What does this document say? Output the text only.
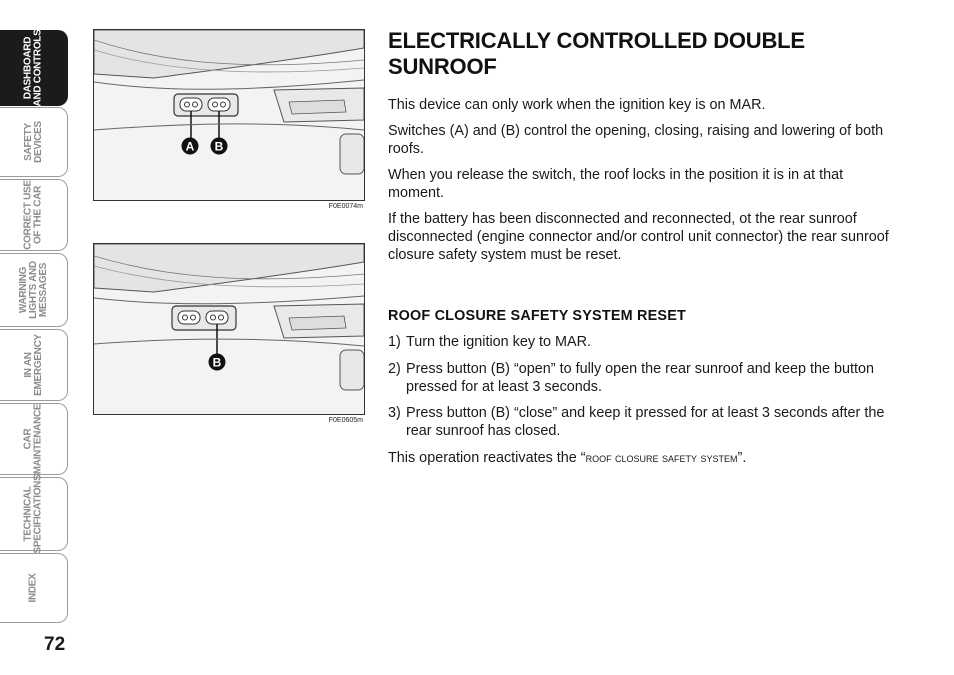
DASHBOARD
AND CONTROLS
SAFETY
DEVICES
CORRECT USE
OF THE CAR
WARNING
LIGHTS AND
MESSAGES
IN AN
EMERGENCY
CAR
MAINTENANCE
TECHNICAL
SPECIFICATIONS
INDEX
72
A B
F0E0074m
B
F0E0605m
ELECTRICALLY CONTROLLED DOUBLE SUNROOF

This device can only work when the ignition key is on MAR.

Switches (A) and (B) control the opening, closing, raising and lowering of both roofs.

When you release the switch, the roof locks in the position it is in at that moment.

If the battery has been disconnected and reconnected, ot the rear sunroof disconnected (engine connector and/or control unit connector) the rear sunroof closure safety system must be reset.

ROOF CLOSURE SAFETY SYSTEM RESET
1) Turn the ignition key to MAR.
2) Press button (B) “open” to fully open the rear sunroof and keep the button pressed for at least 3 seconds.
3) Press button (B) “close” and keep it pressed for at least 3 seconds after the rear sunroof has closed.

This operation reactivates the “roof closure safety system”.
